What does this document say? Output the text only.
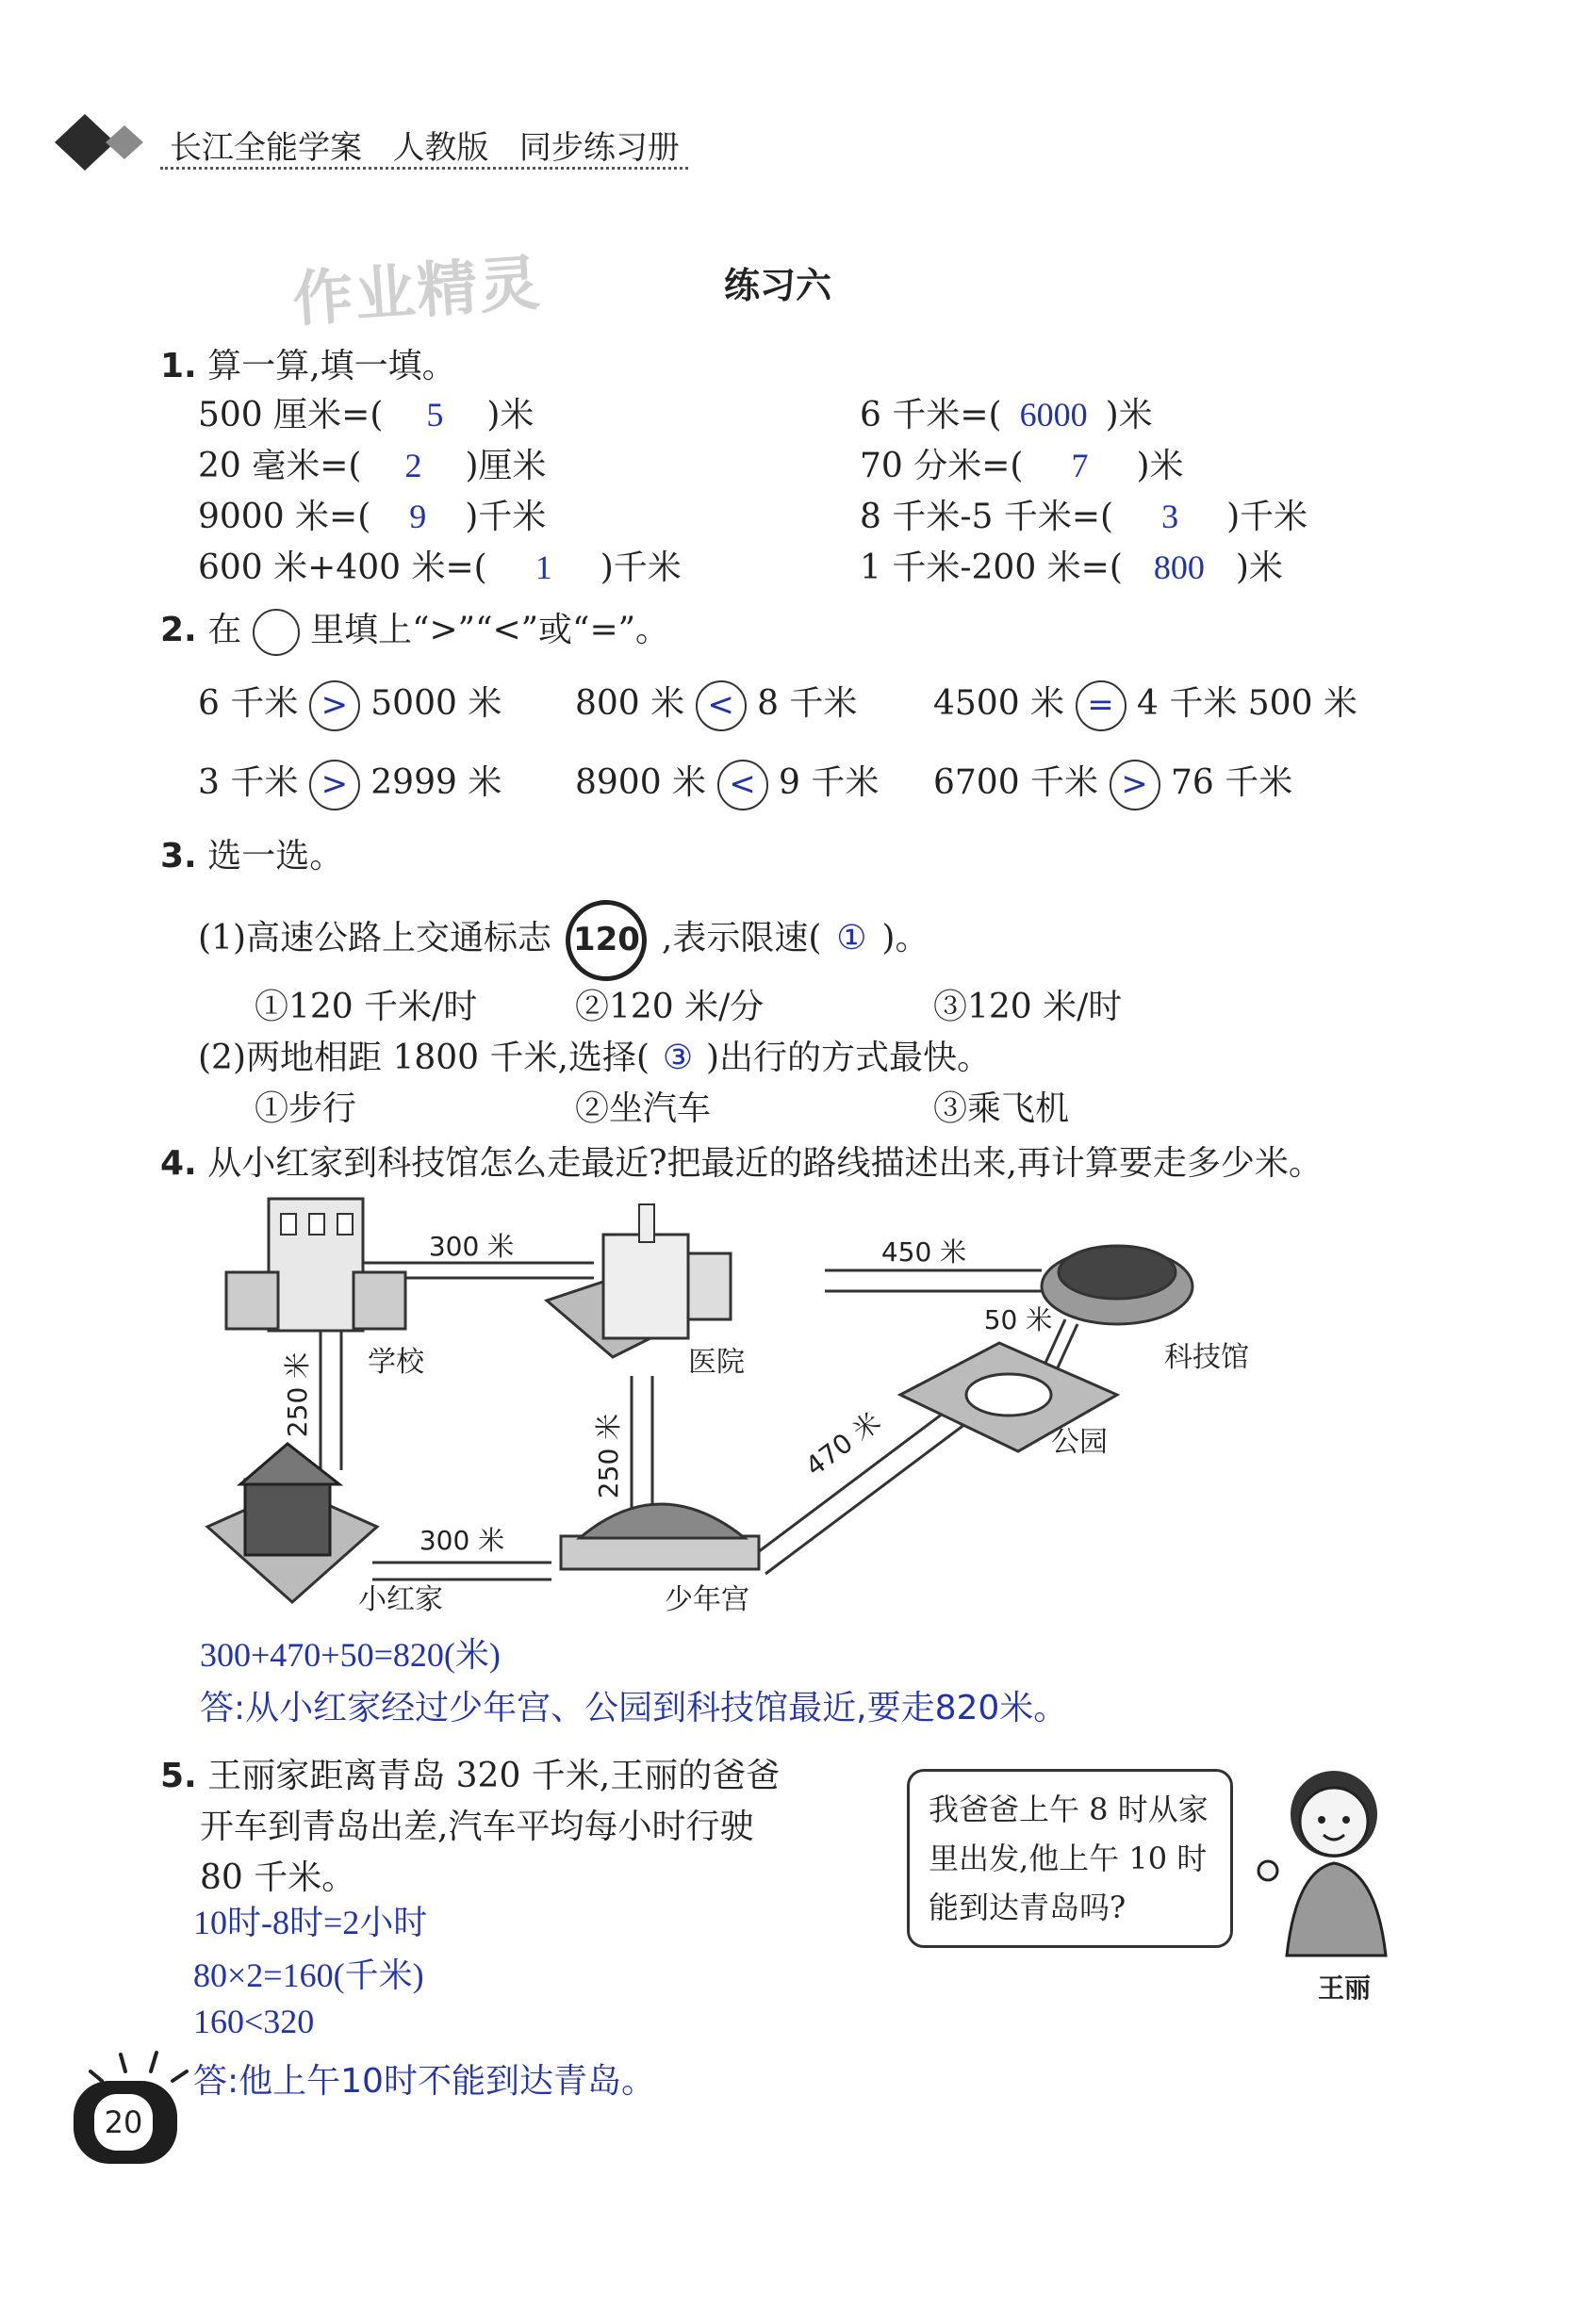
长江全能学案 人教版 同步练习册
作业精灵	练习六
1. 算一算,填一填。
500 厘米=( 5 )米	6 千米=( 6000 )米
20 毫米=( 2 )厘米	70 分米=( 7 )米
9000 米=( 9 )千米	8 千米-5 千米=( 3 )千米
600 米+400 米=( 1 )千米	1 千米-200 米=( 800 )米
2. 在 里填上“>”“<”或“=”。
6 千米 > 5000 米 800 米 < 8 千米 4500 米 = 4 千米 500 米
3 千米 > 2999 米 8900 米 < 9 千米 6700 千米 > 76 千米
3. 选一选。
(1)高速公路上交通标志 120 ,表示限速( ① )。
①120 千米/时	②120 米/分	③120 米/时
(2)两地相距 1800 千米,选择( ③ )出行的方式最快。
①步行	②坐汽车	③乘飞机
4. 从小红家到科技馆怎么走最近?把最近的路线描述出来,再计算要走多少米。
300 米	450 米
50 米
250 米
250 米	470 米
300 米
学校	医院	科技馆
公园
小红家	少年宫
300+470+50=820(米)
答:从小红家经过少年宫、公园到科技馆最近,要走820米。
5. 王丽家距离青岛 320 千米,王丽的爸爸
开车到青岛出差,汽车平均每小时行驶
80 千米。
我爸爸上午 8 时从家
里出发,他上午 10 时
能到达青岛吗?
王丽
10时-8时=2小时
80×2=160(千米)
160<320
答:他上午10时不能到达青岛。
20
